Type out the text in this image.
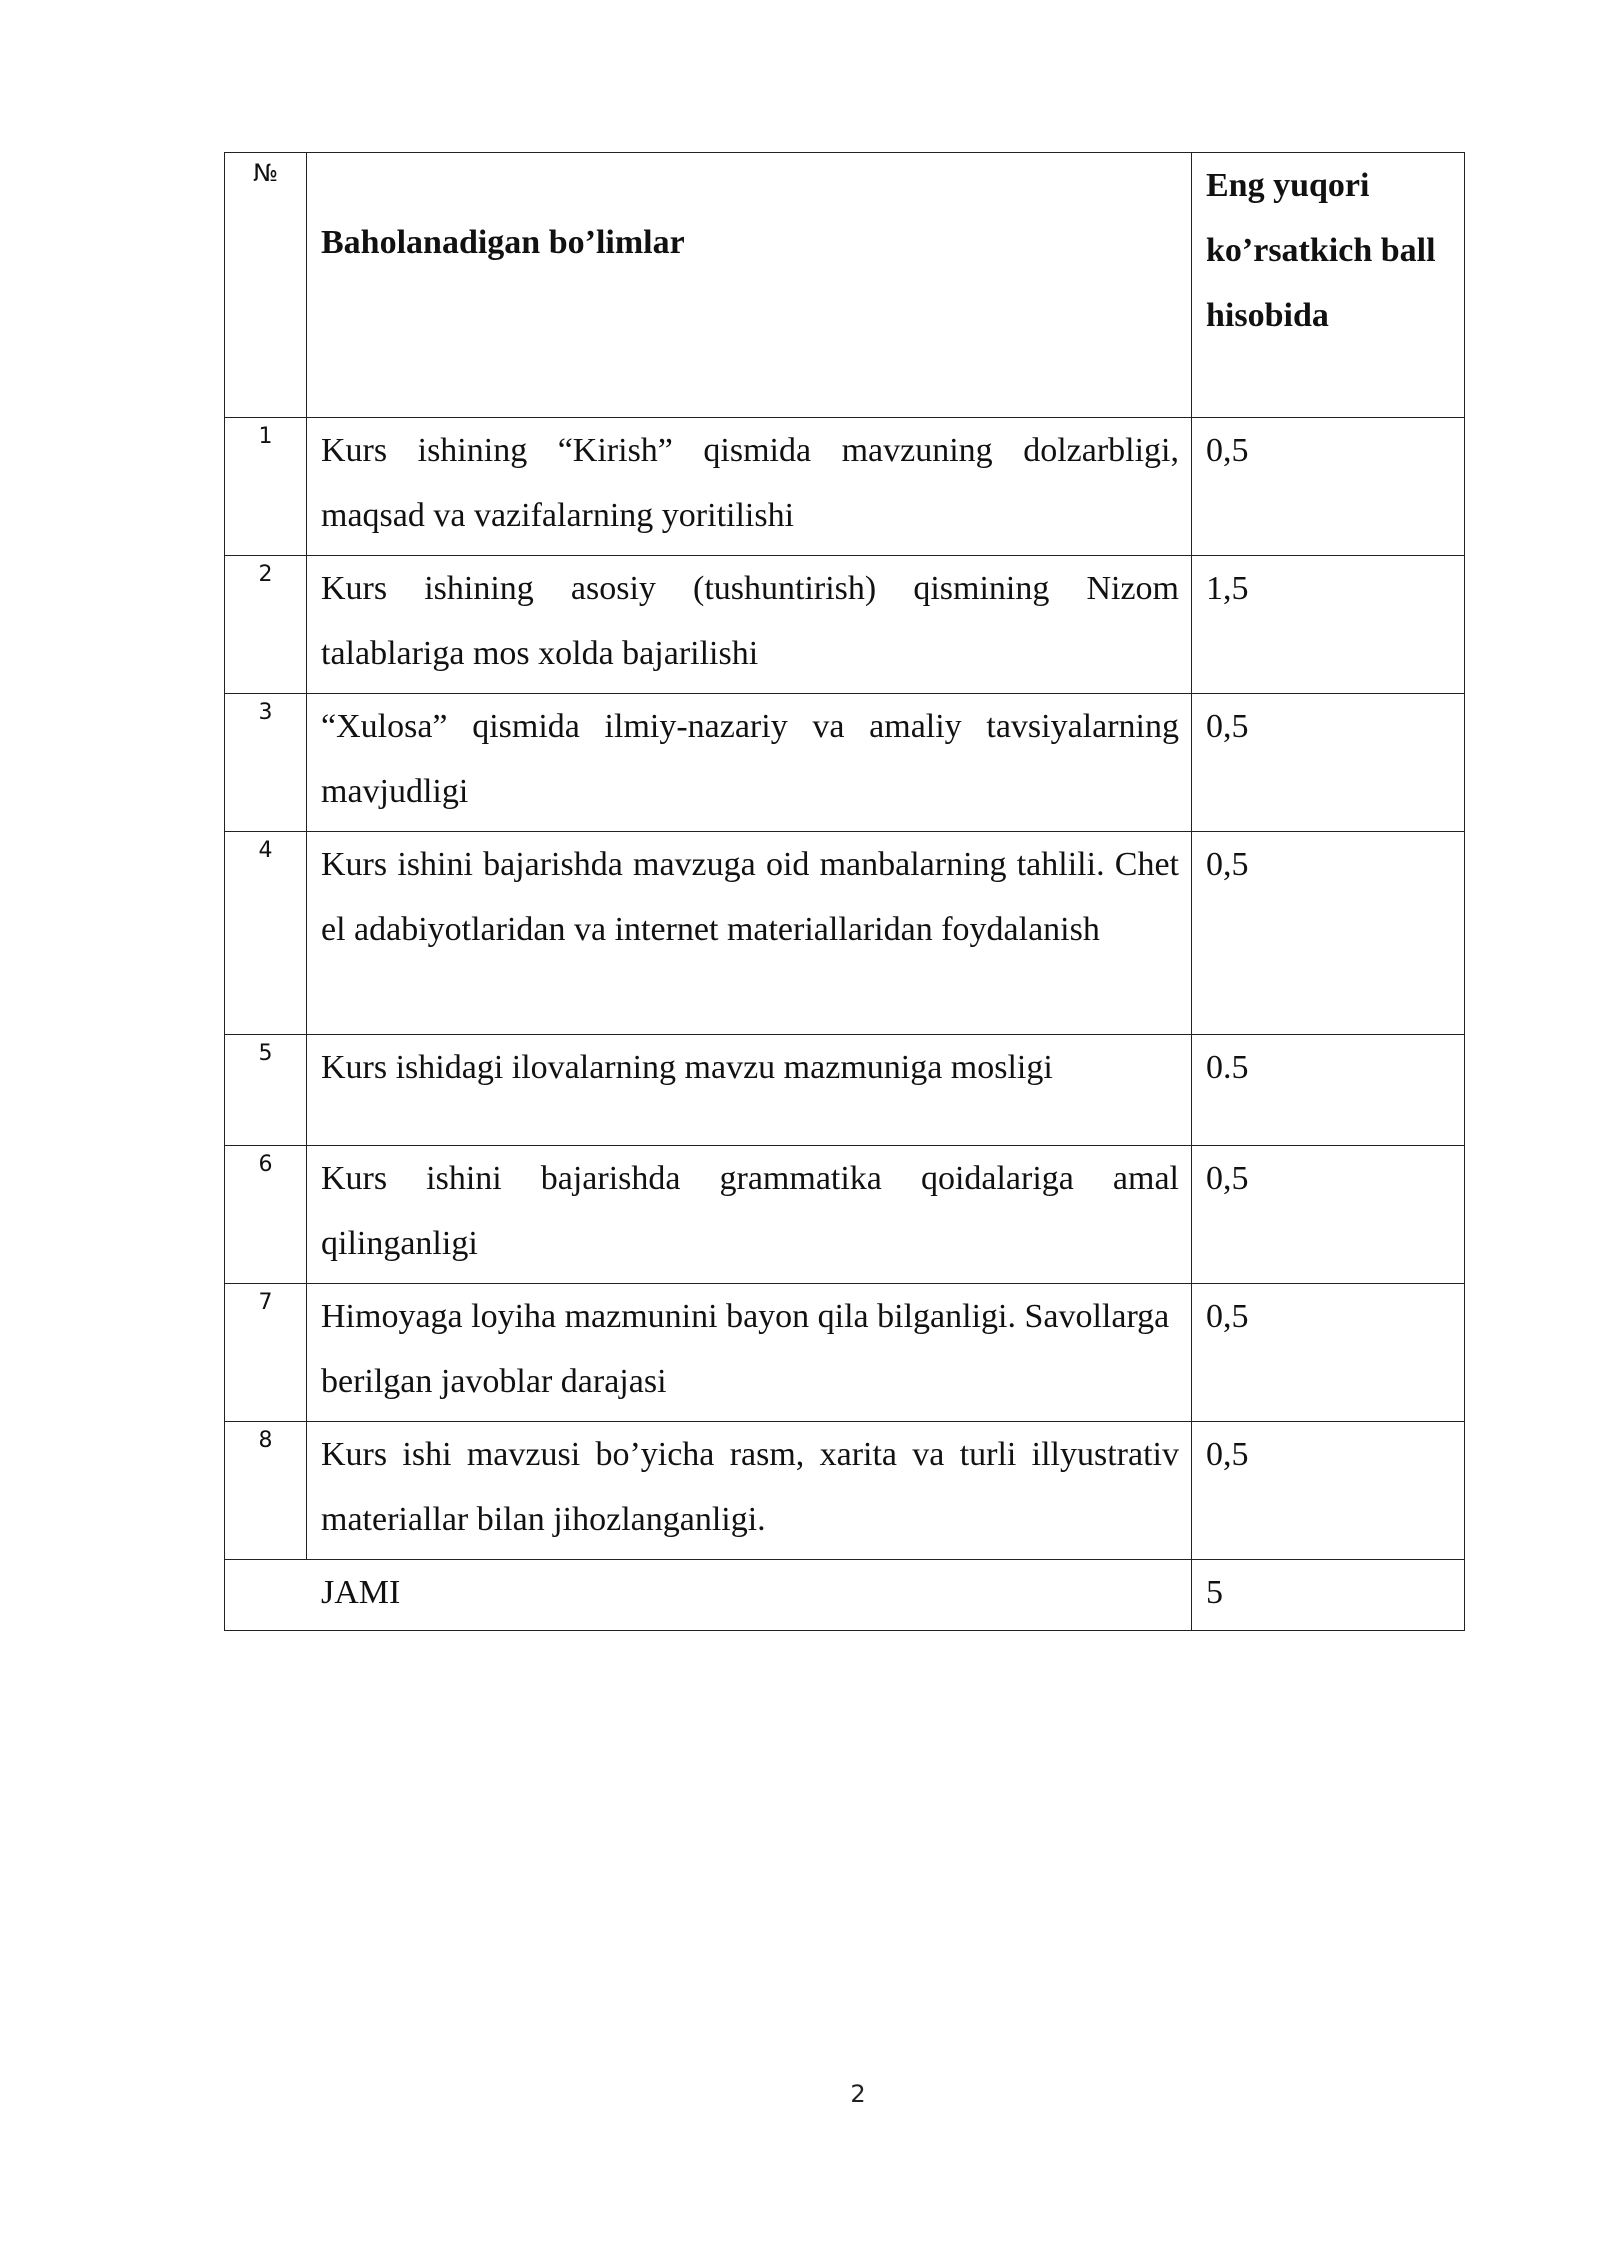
№	Baholanadigan bo’limlar	Eng yuqori ko’rsatkich ball hisobida
1	Kurs ishining “Kirish” qismida mavzuning dolzarbligi, maqsad va vazifalarning yoritilishi	0,5
2	Kurs ishining asosiy (tushuntirish) qismining Nizom talablariga mos xolda bajarilishi	1,5
3	“Xulosa” qismida ilmiy-nazariy va amaliy tavsiyalarning mavjudligi	0,5
4	Kurs ishini bajarishda mavzuga oid manbalarning tahlili. Chet el adabiyotlaridan va internet materiallaridan foydalanish	0,5
5	Kurs ishidagi ilovalarning mavzu mazmuniga mosligi	0.5
6	Kurs ishini bajarishda grammatika qoidalariga amal qilinganligi	0,5
7	Himoyaga loyiha mazmunini bayon qila bilganligi. Savollarga berilgan javoblar darajasi	0,5
8	Kurs ishi mavzusi bo’yicha rasm, xarita va turli illyustrativ materiallar bilan jihozlanganligi.	0,5
JAMI		5
2
